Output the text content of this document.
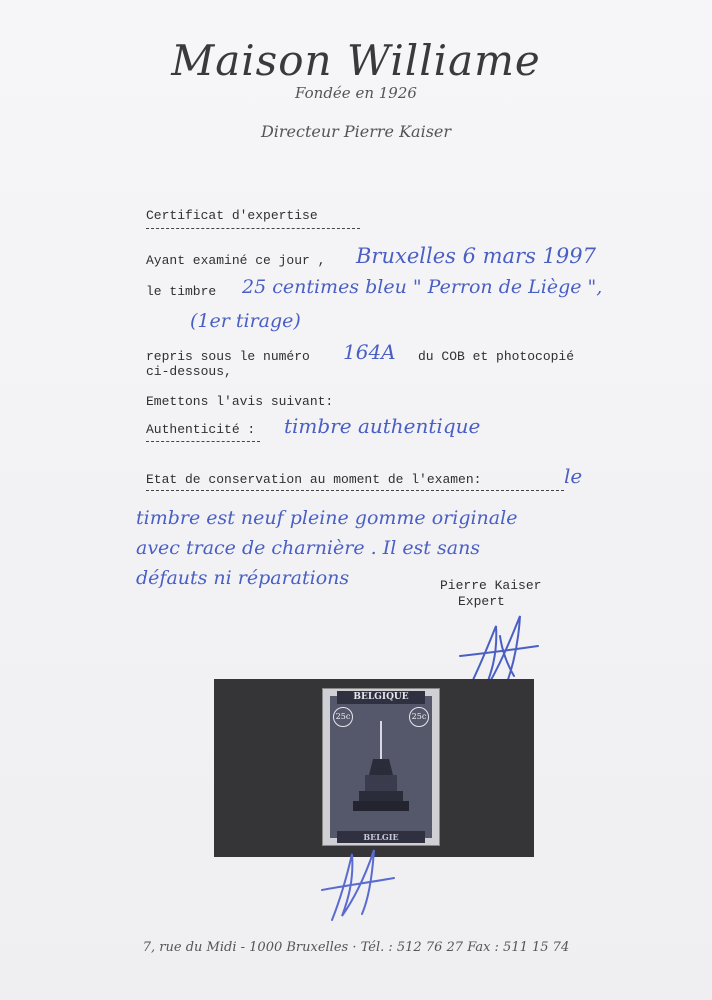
Maison Williame
Fondée en 1926
Directeur Pierre Kaiser
Certificat d'expertise
Ayant examiné ce jour , Bruxelles 6 mars 1997
le timbre 25 centimes bleu " Perron de Liège ",
(1er tirage)
repris sous le numéro 164A du COB et photocopié
ci-dessous,
Emettons l'avis suivant:
Authenticité : timbre authentique
Etat de conservation au moment de l'examen:	le
timbre est neuf pleine gomme originale
avec trace de charnière . Il est sans
défauts ni réparations	Pierre Kaiser
Expert
BELGIQUE
25c	25c
BELGIE
7, rue du Midi - 1000 Bruxelles · Tél. : 512 76 27 Fax : 511 15 74
